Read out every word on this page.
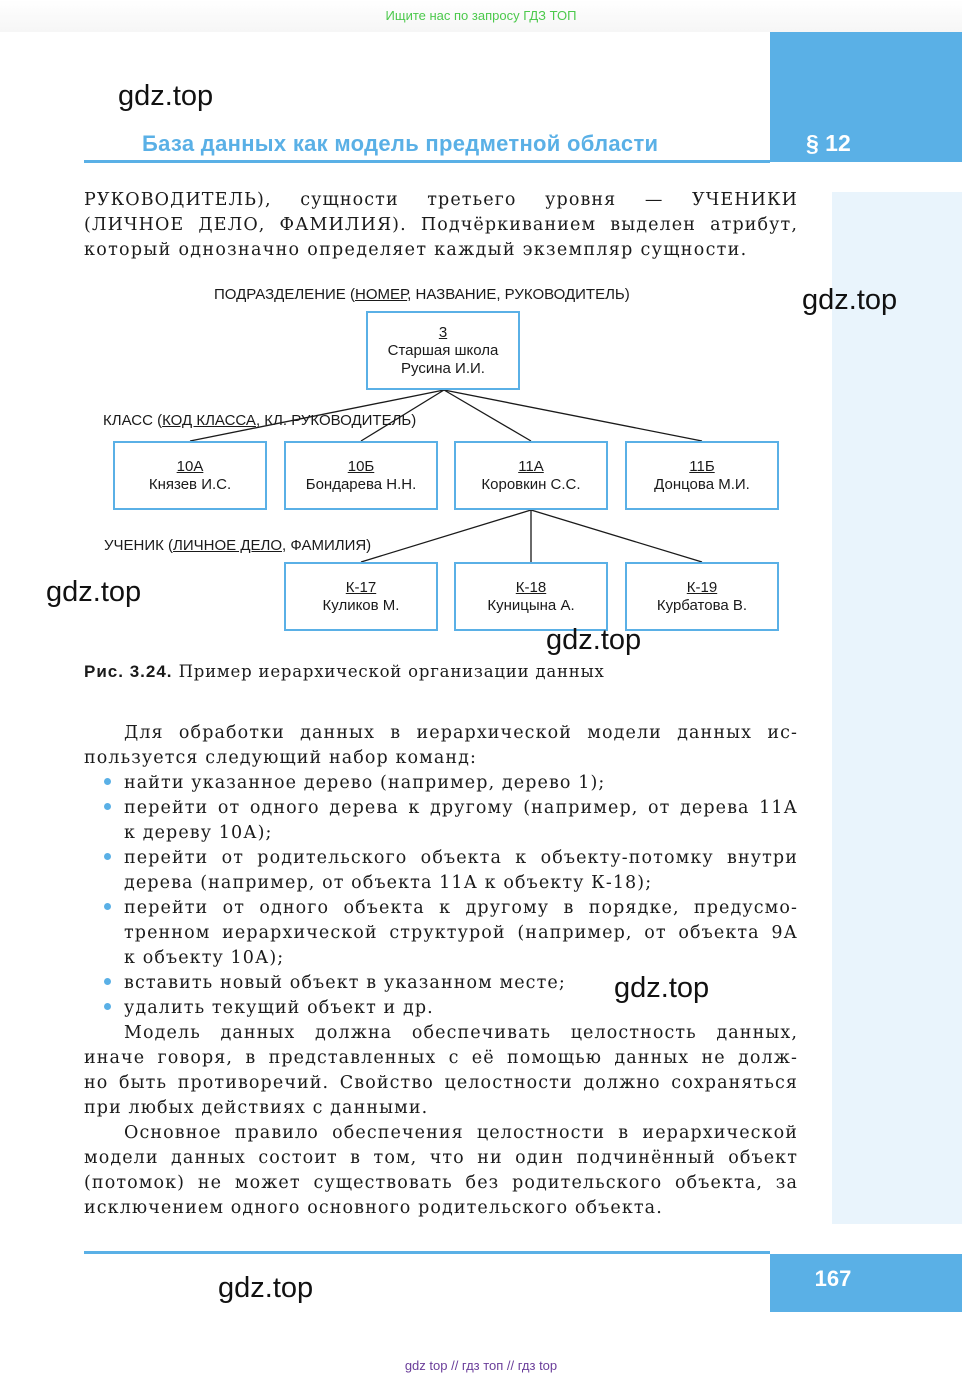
Ищите нас по запросу ГДЗ ТОП
§ 12
gdz.top
База данных как модель предметной области
РУКОВОДИТЕЛЬ), сущности третьего уровня — УЧЕНИКИ
(ЛИЧНОЕ ДЕЛО, ФАМИЛИЯ). Подчёркиванием выделен атрибут,
который однозначно определяет каждый экземпляр сущности.
gdz.top
ПОДРАЗДЕЛЕНИЕ (НОМЕР, НАЗВАНИЕ, РУКОВОДИТЕЛЬ)
3
Старшая школа
Русина И.И.
КЛАСС (КОД КЛАССА, КЛ. РУКОВОДИТЕЛЬ)
10А
Князев И.С.
10Б
Бондарева Н.Н.
11А
Коровкин С.С.
11Б
Донцова М.И.
УЧЕНИК (ЛИЧНОЕ ДЕЛО, ФАМИЛИЯ)
К-17
Куликов М.
К-18
Куницына А.
К-19
Курбатова В.
gdz.top
gdz.top
Рис. 3.24. Пример иерархической организации данных
Для обработки данных в иерархической модели данных ис-
пользуется следующий набор команд:
найти указанное дерево (например, дерево 1);
перейти от одного дерева к другому (например, от дерева 11А
к дереву 10А);
перейти от родительского объекта к объекту-потомку внутри
дерева (например, от объекта 11А к объекту К-18);
перейти от одного объекта к другому в порядке, предусмо-
тренном иерархической структурой (например, от объекта 9А
к объекту 10А);
вставить новый объект в указанном месте;
удалить текущий объект и др.
gdz.top
Модель данных должна обеспечивать целостность данных,
иначе говоря, в представленных с её помощью данных не долж-
но быть противоречий. Свойство целостности должно сохраняться
при любых действиях с данными.
Основное правило обеспечения целостности в иерархической
модели данных состоит в том, что ни один подчинённый объект
(потомок) не может существовать без родительского объекта, за
исключением одного основного родительского объекта.
167
gdz.top
gdz top // гдз топ // гдз top
